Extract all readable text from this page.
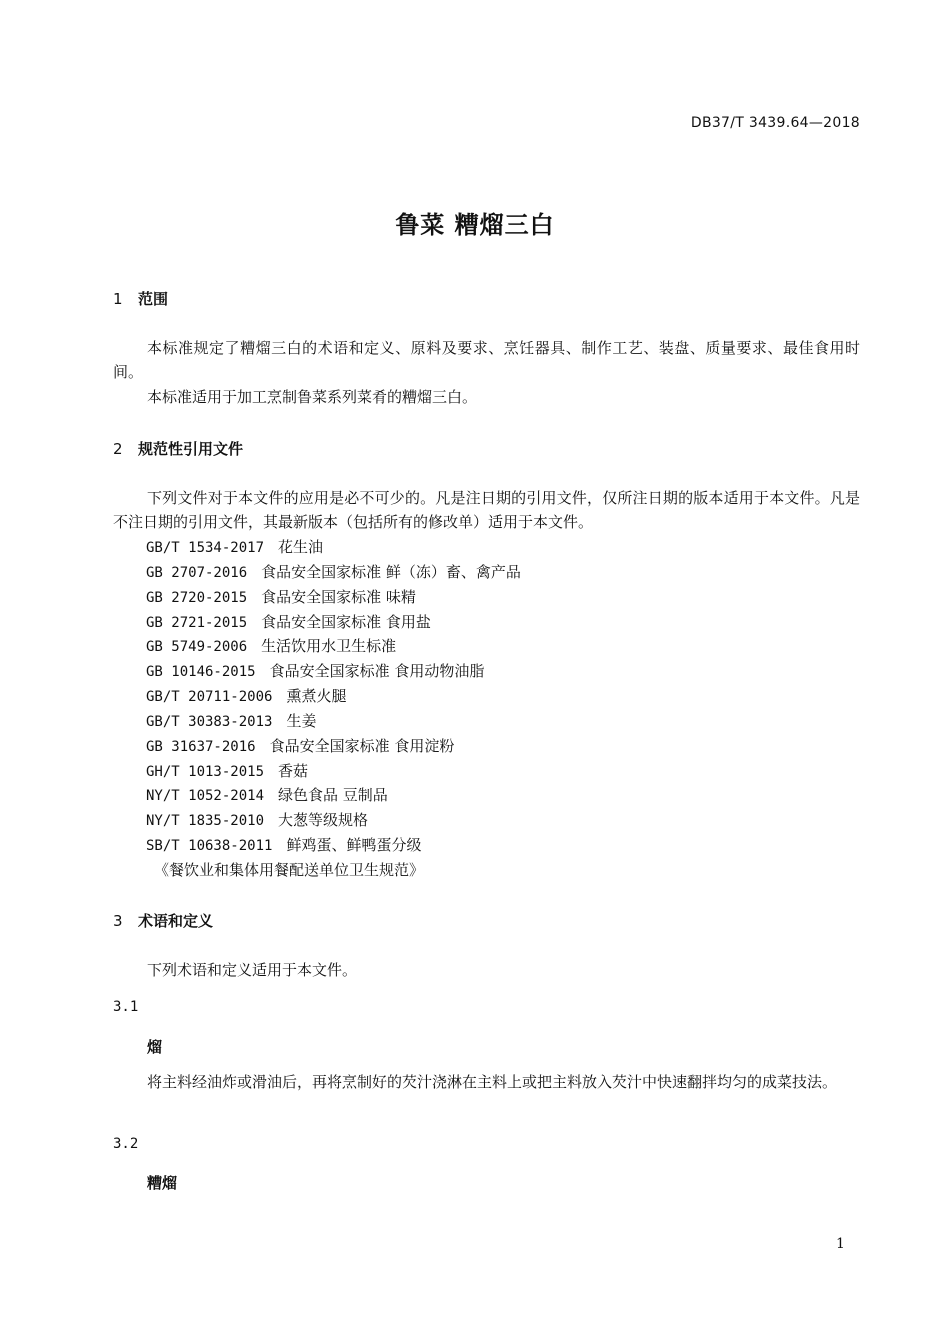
DB37/T 3439.64—2018
鲁菜 糟熘三白
1 范围
本标准规定了糟熘三白的术语和定义、原料及要求、烹饪器具、制作工艺、装盘、质量要求、最佳食用时间。
本标准适用于加工烹制鲁菜系列菜肴的糟熘三白。
2 规范性引用文件
下列文件对于本文件的应用是必不可少的。凡是注日期的引用文件，仅所注日期的版本适用于本文件。凡是不注日期的引用文件，其最新版本（包括所有的修改单）适用于本文件。
GB/T 1534-2017 花生油
GB 2707-2016 食品安全国家标准 鲜（冻）畜、禽产品
GB 2720-2015 食品安全国家标准 味精
GB 2721-2015 食品安全国家标准 食用盐
GB 5749-2006 生活饮用水卫生标准
GB 10146-2015 食品安全国家标准 食用动物油脂
GB/T 20711-2006 熏煮火腿
GB/T 30383-2013 生姜
GB 31637-2016 食品安全国家标准 食用淀粉
GH/T 1013-2015 香菇
NY/T 1052-2014 绿色食品 豆制品
NY/T 1835-2010 大葱等级规格
SB/T 10638-2011 鲜鸡蛋、鲜鸭蛋分级
《餐饮业和集体用餐配送单位卫生规范》
3 术语和定义
下列术语和定义适用于本文件。
3.1
熘
将主料经油炸或滑油后，再将烹制好的芡汁浇淋在主料上或把主料放入芡汁中快速翻拌均匀的成菜技法。
3.2
糟熘
1
